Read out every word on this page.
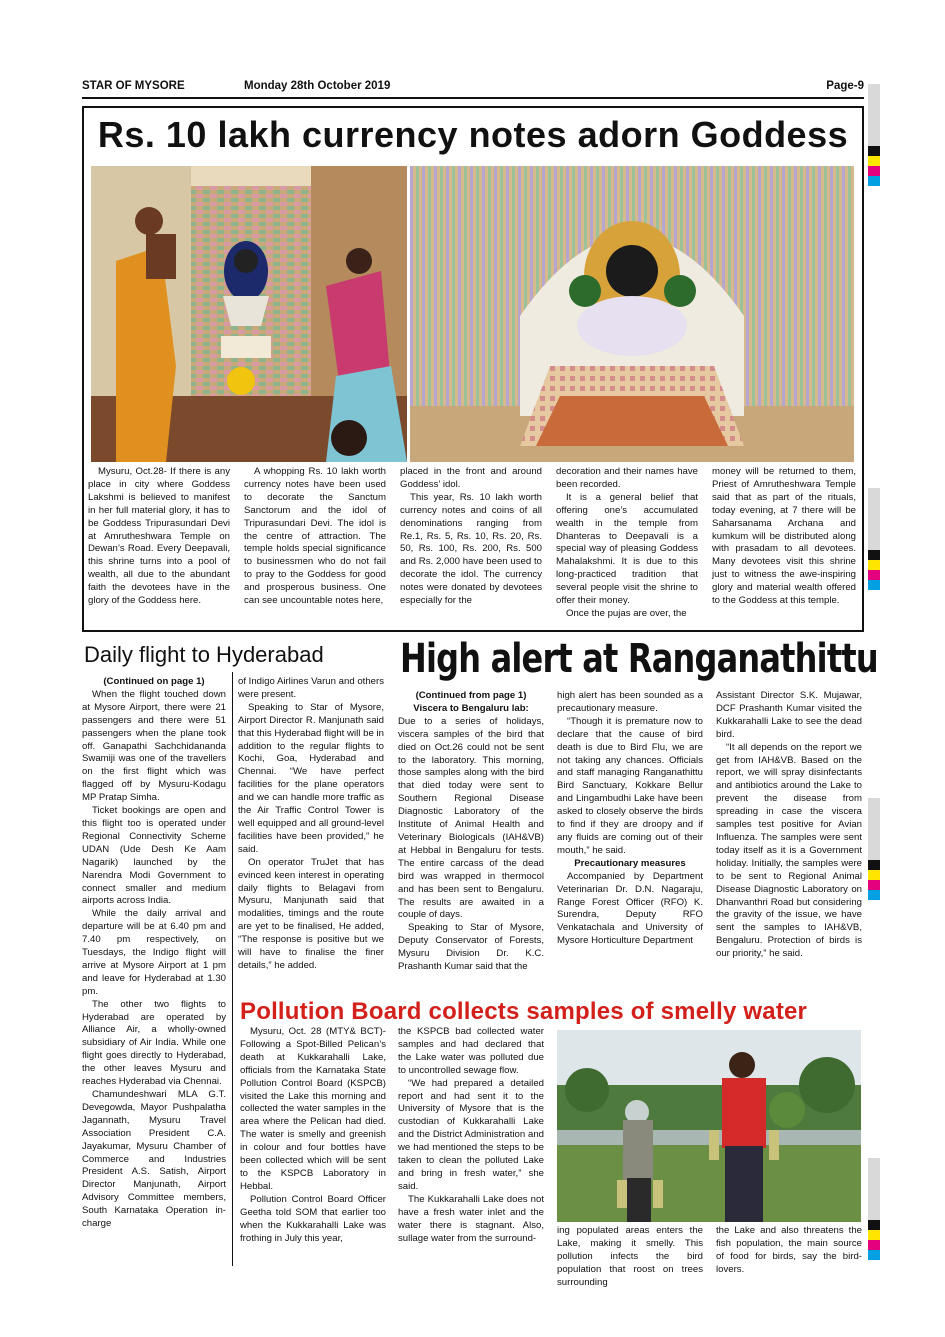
STAR OF MYSORE	Monday 28th October 2019	Page-9
Rs. 10 lakh currency notes adorn Goddess

Mysuru, Oct.28- If there is any place in city where Goddess Lakshmi is believed to manifest in her full material glory, it has to be Goddess Tripurasundari Devi at Amrutheshwara Temple on Dewan’s Road. Every Deepavali, this shrine turns into a pool of wealth, all due to the abundant faith the devotees have in the glory of the Goddess here.

A whopping Rs. 10 lakh worth currency notes have been used to decorate the Sanctum Sanctorum and the idol of Tripurasundari Devi. The idol is the centre of attraction. The temple holds special significance to businessmen who do not fail to pray to the Goddess for good and prosperous business. One can see uncountable notes here,

placed in the front and around Goddess’ idol.

This year, Rs. 10 lakh worth currency notes and coins of all denominations ranging from Re.1, Rs. 5, Rs. 10, Rs. 20, Rs. 50, Rs. 100, Rs. 200, Rs. 500 and Rs. 2,000 have been used to decorate the idol. The currency notes were donated by devotees especially for the

decoration and their names have been recorded.

It is a general belief that offering one’s accumulated wealth in the temple from Dhanteras to Deepavali is a special way of pleasing Goddess Mahalakshmi. It is due to this long-practiced tradition that several people visit the shrine to offer their money.

Once the pujas are over, the

money will be returned to them, Priest of Amrutheshwara Temple said that as part of the rituals, today evening, at 7 there will be Saharsanama Archana and kumkum will be distributed along with prasadam to all devotees. Many devotees visit this shrine just to witness the awe-inspiring glory and material wealth offered to the Goddess at this temple.

Daily flight to Hyderabad

(Continued on page 1)

When the flight touched down at Mysore Airport, there were 21 passengers and there were 51 passengers when the plane took off. Ganapathi Sachchidananda Swamiji was one of the travellers on the first flight which was flagged off by Mysuru-Kodagu MP Pratap Simha.

Ticket bookings are open and this flight too is operated under Regional Connectivity Scheme UDAN (Ude Desh Ke Aam Nagarik) launched by the Narendra Modi Government to connect smaller and medium airports across India.

While the daily arrival and departure will be at 6.40 pm and 7.40 pm respectively, on Tuesdays, the Indigo flight will arrive at Mysore Airport at 1 pm and leave for Hyderabad at 1.30 pm.

The other two flights to Hyderabad are operated by Alliance Air, a wholly-owned subsidiary of Air India. While one flight goes directly to Hyderabad, the other leaves Mysuru and reaches Hyderabad via Chennai.

Chamundeshwari MLA G.T. Devegowda, Mayor Pushpalatha Jagannath, Mysuru Travel Association President C.A. Jayakumar, Mysuru Chamber of Commerce and Industries President A.S. Satish, Airport Director Manjunath, Airport Advisory Committee members, South Karnataka Operation in-charge

of Indigo Airlines Varun and others were present.

Speaking to Star of Mysore, Airport Director R. Manjunath said that this Hyderabad flight will be in addition to the regular flights to Kochi, Goa, Hyderabad and Chennai. “We have perfect facilities for the plane operators and we can handle more traffic as the Air Traffic Control Tower is well equipped and all ground-level facilities have been provided,” he said.

On operator TruJet that has evinced keen interest in operating daily flights to Belagavi from Mysuru, Manjunath said that modalities, timings and the route are yet to be finalised, He added, “The response is positive but we will have to finalise the finer details,” he added.

High alert at Ranganathittu

(Continued from page 1)

Viscera to Bengaluru lab:

Due to a series of holidays, viscera samples of the bird that died on Oct.26 could not be sent to the laboratory. This morning, those samples along with the bird that died today were sent to Southern Regional Disease Diagnostic Laboratory of the Institute of Animal Health and Veterinary Biologicals (IAH&VB) at Hebbal in Bengaluru for tests. The entire carcass of the dead bird was wrapped in thermocol and has been sent to Bengaluru. The results are awaited in a couple of days.

Speaking to Star of Mysore, Deputy Conservator of Forests, Mysuru Division Dr. K.C. Prashanth Kumar said that the

high alert has been sounded as a precautionary measure.

“Though it is premature now to declare that the cause of bird death is due to Bird Flu, we are not taking any chances. Officials and staff managing Ranganathittu Bird Sanctuary, Kokkare Bellur and Lingambudhi Lake have been asked to closely observe the birds to find if they are droopy and if any fluids are coming out of their mouth,” he said.

Precautionary measures

Accompanied by Department Veterinarian Dr. D.N. Nagaraju, Range Forest Officer (RFO) K. Surendra, Deputy RFO Venkatachala and University of Mysore Horticulture Department

Assistant Director S.K. Mujawar, DCF Prashanth Kumar visited the Kukkarahalli Lake to see the dead bird.

“It all depends on the report we get from IAH&VB. Based on the report, we will spray disinfectants and antibiotics around the Lake to prevent the disease from spreading in case the viscera samples test positive for Avian Influenza. The samples were sent today itself as it is a Government holiday. Initially, the samples were to be sent to Regional Animal Disease Diagnostic Laboratory on Dhanvanthri Road but considering the gravity of the issue, we have sent the samples to IAH&VB, Bengaluru. Protection of birds is our priority,” he said.

Pollution Board collects samples of smelly water

Mysuru, Oct. 28 (MTY& BCT)- Following a Spot-Billed Pelican’s death at Kukkarahalli Lake, officials from the Karnataka State Pollution Control Board (KSPCB) visited the Lake this morning and collected the water samples in the area where the Pelican had died. The water is smelly and greenish in colour and four bottles have been collected which will be sent to the KSPCB Laboratory in Hebbal.

Pollution Control Board Officer Geetha told SOM that earlier too when the Kukkarahalli Lake was frothing in July this year,

the KSPCB bad collected water samples and had declared that the Lake water was polluted due to uncontrolled sewage flow.

“We had prepared a detailed report and had sent it to the University of Mysore that is the custodian of Kukkarahalli Lake and the District Administration and we had mentioned the steps to be taken to clean the polluted Lake and bring in fresh water,” she said.

The Kukkarahalli Lake does not have a fresh water inlet and the water there is stagnant. Also, sullage water from the surround-

ing populated areas enters the Lake, making it smelly. This pollution infects the bird population that roost on trees surrounding

the Lake and also threatens the fish population, the main source of food for birds, say the bird-lovers.
